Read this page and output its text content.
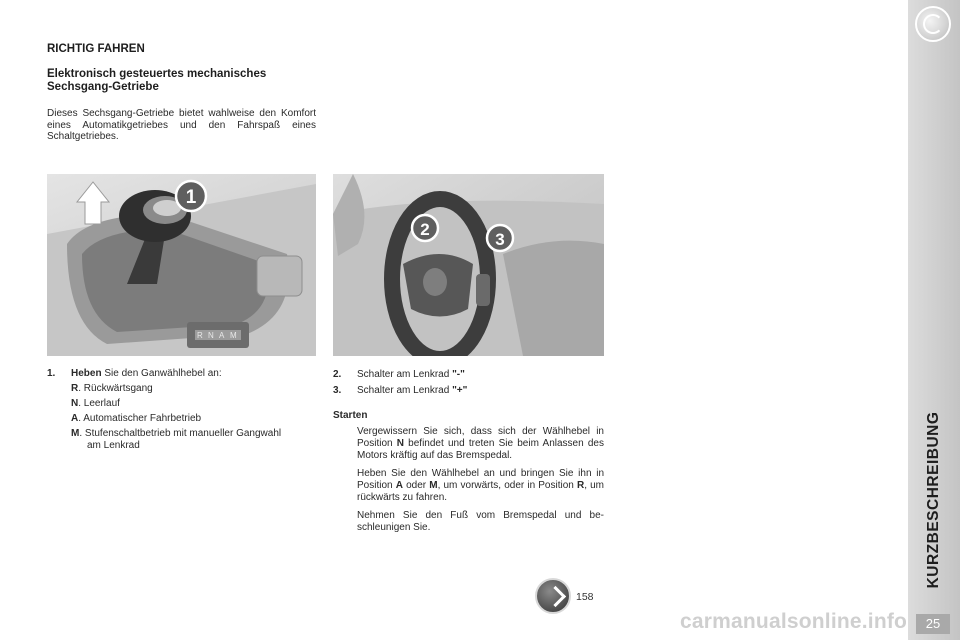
KURZBESCHREIBUNG
25
RICHTIG FAHREN
Elektronisch gesteuertes mechanisches Sechsgang-Getriebe
Dieses Sechsgang-Getriebe bietet wahlweise den Komfort eines Automatikgetriebes und den Fahrspaß eines Schaltgetriebes.
R N A M
1
2
3
1. Heben Sie den Ganwählhebel an:
R. Rückwärtsgang
N. Leerlauf
A. Automatischer Fahrbetrieb
M. Stufenschaltbetrieb mit manueller Gangwahl
am Lenkrad
2. Schalter am Lenkrad "-"
3. Schalter am Lenkrad "+"
Starten
Vergewissern Sie sich, dass sich der Wählhebel in Position N befindet und treten Sie beim Anlassen des Motors kräftig auf das Bremspedal.
Heben Sie den Wählhebel an und bringen Sie ihn in Position A oder M, um vorwärts, oder in Position R, um rückwärts zu fahren.
Nehmen Sie den Fuß vom Bremspedal und beschleunigen Sie.
158
carmanualsonline.info
